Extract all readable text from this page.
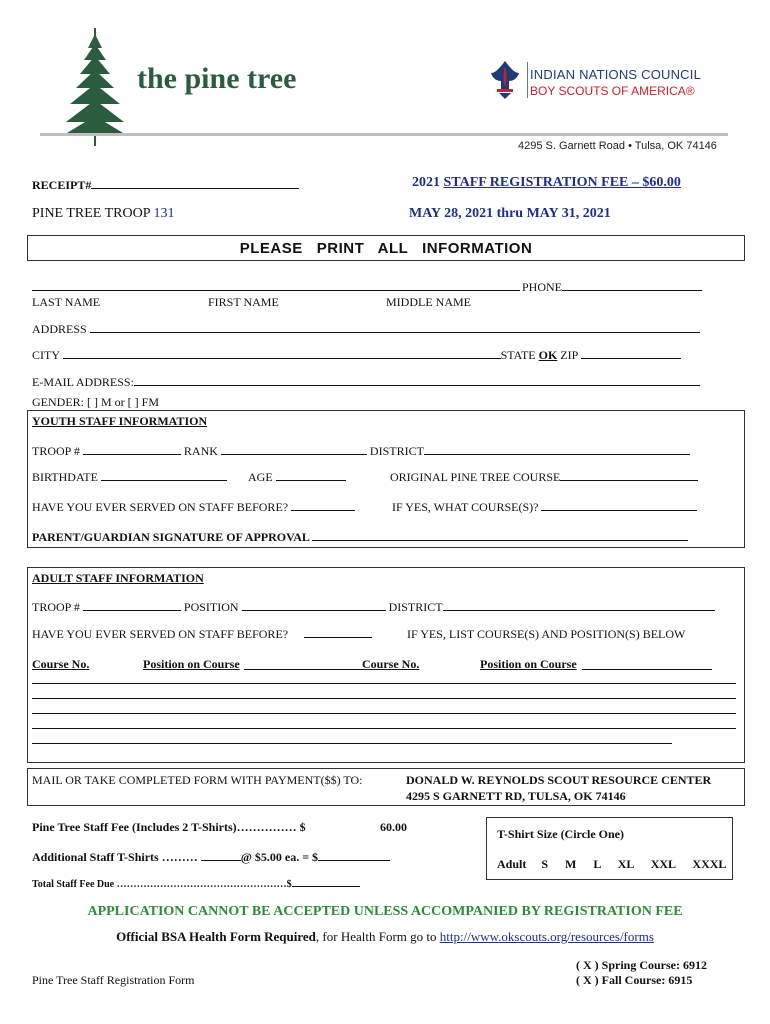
the pine tree	INDIAN NATIONS COUNCIL
BOY SCOUTS OF AMERICA®
4295 S. Garnett Road • Tulsa, OK 74146
RECEIPT#	2021 STAFF REGISTRATION FEE – $60.00
PINE TREE TROOP 131	MAY 28, 2021 thru MAY 31, 2021
PLEASE   PRINT   ALL   INFORMATION
PHONE
LAST NAME	FIRST NAME	MIDDLE NAME
ADDRESS
CITY	STATE OK ZIP
E-MAIL ADDRESS:
GENDER: [ ] M or [ ] FM
YOUTH STAFF INFORMATION
TROOP #	RANK	DISTRICT
BIRTHDATE	AGE	ORIGINAL PINE TREE COURSE
HAVE YOU EVER SERVED ON STAFF BEFORE?	IF YES, WHAT COURSE(S)?
PARENT/GUARDIAN SIGNATURE OF APPROVAL
ADULT STAFF INFORMATION
TROOP #	POSITION	DISTRICT
HAVE YOU EVER SERVED ON STAFF BEFORE?	IF YES, LIST COURSE(S) AND POSITION(S) BELOW
Course No.	Position on Course	Course No.	Position on Course
MAIL OR TAKE COMPLETED FORM WITH PAYMENT($$) TO:	DONALD W. REYNOLDS SCOUT RESOURCE CENTER
4295 S GARNETT RD, TULSA, OK 74146
Pine Tree Staff Fee (Includes 2 T-Shirts)…………… $	60.00
Additional Staff T-Shirts ………	@ $5.00 ea. = $
Total Staff Fee Due ……………………………………………$
T-Shirt Size (Circle One)
Adult S M L XL XXL XXXL
APPLICATION CANNOT BE ACCEPTED UNLESS ACCOMPANIED BY REGISTRATION FEE
Official BSA Health Form Required, for Health Form go to http://www.okscouts.org/resources/forms
Pine Tree Staff Registration Form
( X ) Spring Course: 6912
( X ) Fall Course: 6915
